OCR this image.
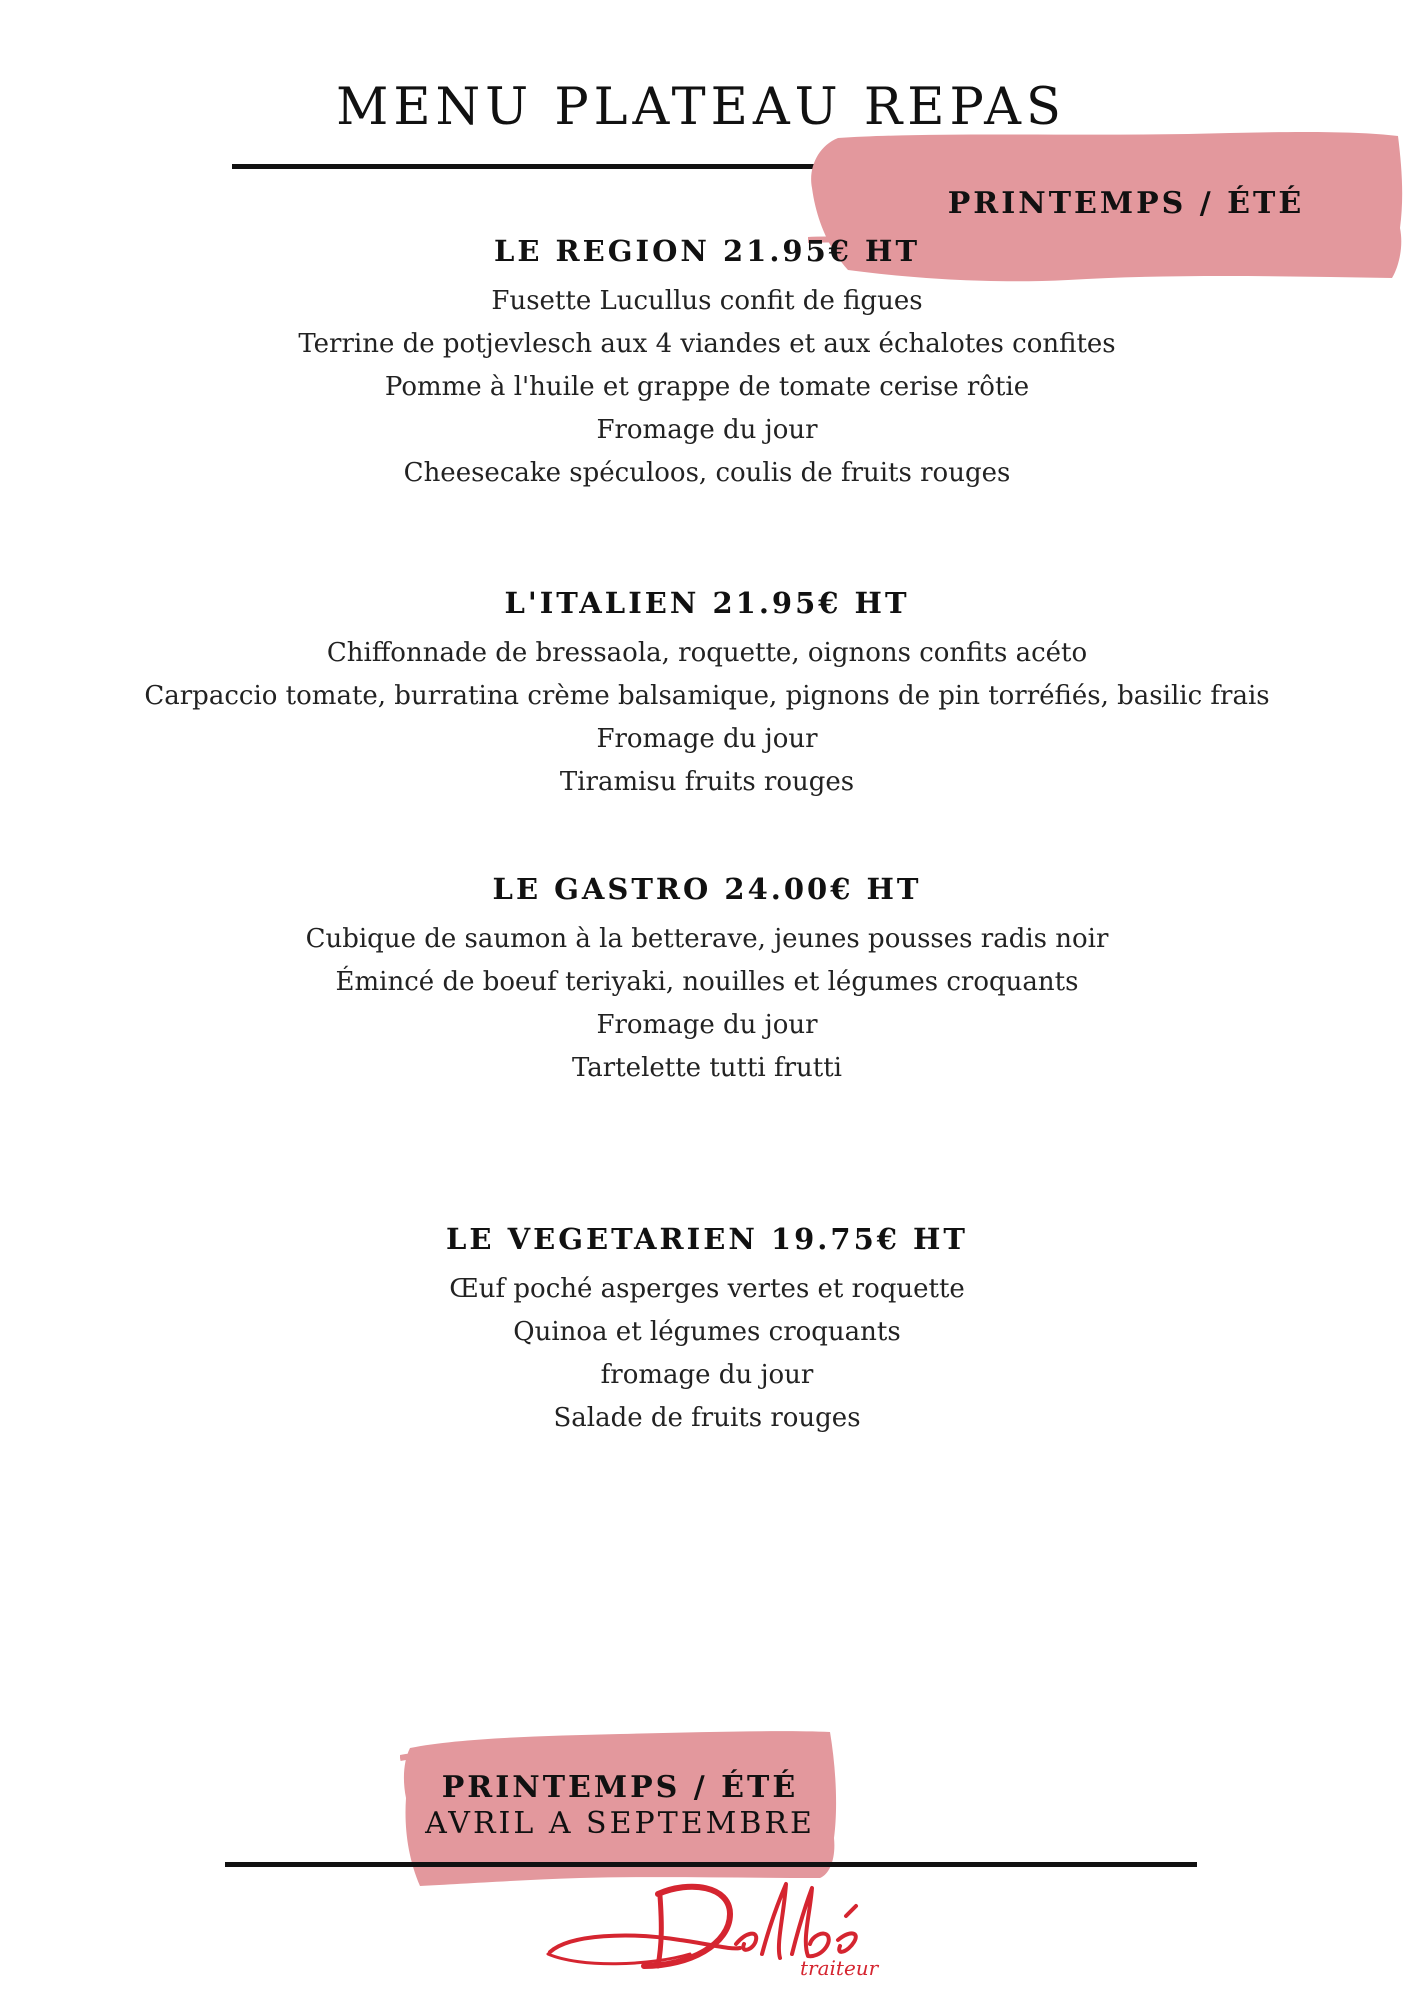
MENU PLATEAU REPAS
PRINTEMPS / ÉTÉ
LE REGION 21.95€ HT
Fusette Lucullus confit de figues
Terrine de potjevlesch aux 4 viandes et aux échalotes confites
Pomme à l'huile et grappe de tomate cerise rôtie
Fromage du jour
Cheesecake spéculoos, coulis de fruits rouges
L'ITALIEN 21.95€ HT
Chiffonnade de bressaola, roquette, oignons confits acéto
Carpaccio tomate, burratina crème balsamique, pignons de pin torréfiés, basilic frais
Fromage du jour
Tiramisu fruits rouges
LE GASTRO 24.00€ HT
Cubique de saumon à la betterave, jeunes pousses radis noir
Émincé de boeuf teriyaki, nouilles et légumes croquants
Fromage du jour
Tartelette tutti frutti
LE VEGETARIEN 19.75€ HT
Œuf poché asperges vertes et roquette
Quinoa et légumes croquants
fromage du jour
Salade de fruits rouges
PRINTEMPS / ÉTÉ
AVRIL A SEPTEMBRE
traiteur
